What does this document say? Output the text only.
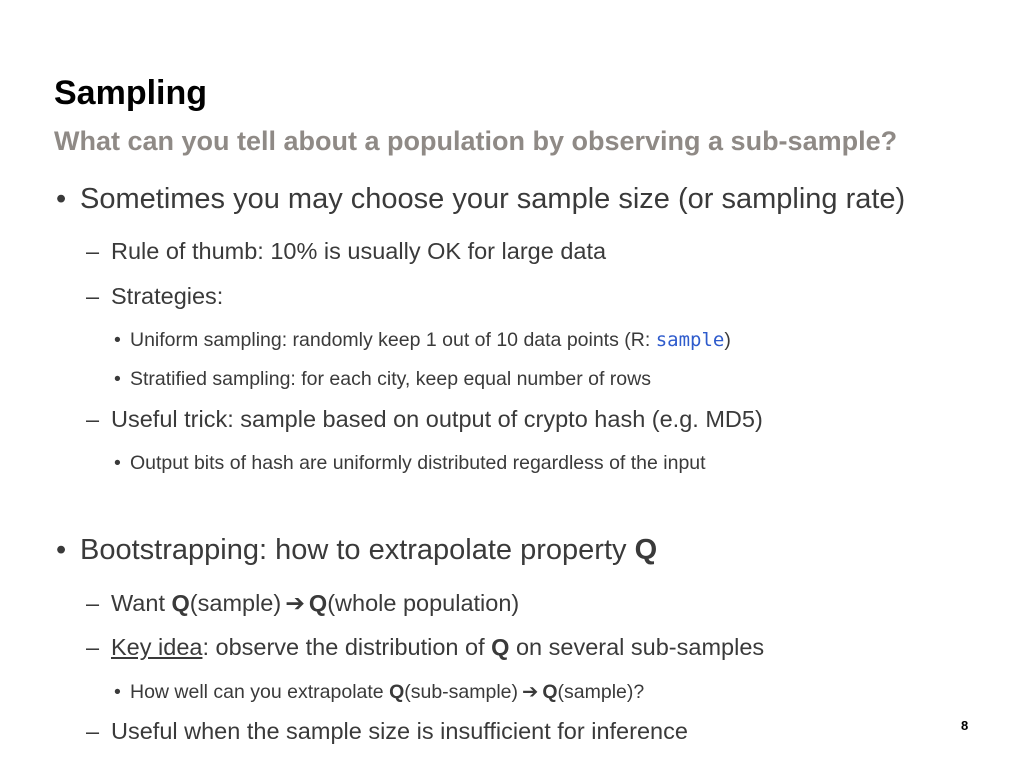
Sampling
What can you tell about a population by observing a sub-sample?
• Sometimes you may choose your sample size (or sampling rate)
– Rule of thumb: 10% is usually OK for large data
– Strategies:
• Uniform sampling: randomly keep 1 out of 10 data points (R: sample)
• Stratified sampling: for each city, keep equal number of rows
– Useful trick: sample based on output of crypto hash (e.g. MD5)
• Output bits of hash are uniformly distributed regardless of the input
• Bootstrapping: how to extrapolate property Q
– Want Q(sample) ➔ Q(whole population)
– Key idea: observe the distribution of Q on several sub-samples
• How well can you extrapolate Q(sub-sample) ➔ Q(sample)?
– Useful when the sample size is insufficient for inference	8
